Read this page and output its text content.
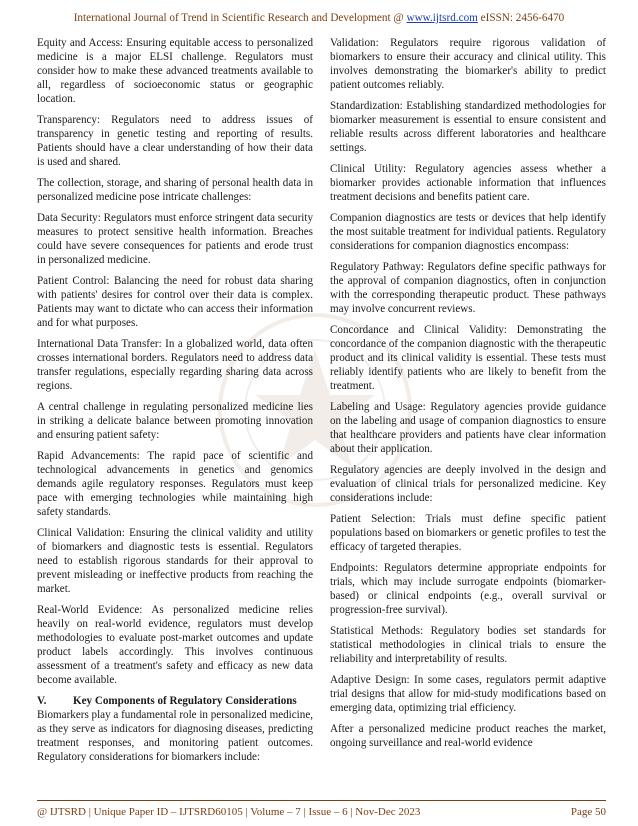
International Journal of Trend in Scientific Research and Development @ www.ijtsrd.com eISSN: 2456-6470

Equity and Access: Ensuring equitable access to personalized medicine is a major ELSI challenge. Regulators must consider how to make these advanced treatments available to all, regardless of socioeconomic status or geographic location.

Transparency: Regulators need to address issues of transparency in genetic testing and reporting of results. Patients should have a clear understanding of how their data is used and shared.

The collection, storage, and sharing of personal health data in personalized medicine pose intricate challenges:

Data Security: Regulators must enforce stringent data security measures to protect sensitive health information. Breaches could have severe consequences for patients and erode trust in personalized medicine.

Patient Control: Balancing the need for robust data sharing with patients' desires for control over their data is complex. Patients may want to dictate who can access their information and for what purposes.

International Data Transfer: In a globalized world, data often crosses international borders. Regulators need to address data transfer regulations, especially regarding sharing data across regions.

A central challenge in regulating personalized medicine lies in striking a delicate balance between promoting innovation and ensuring patient safety:

Rapid Advancements: The rapid pace of scientific and technological advancements in genetics and genomics demands agile regulatory responses. Regulators must keep pace with emerging technologies while maintaining high safety standards.

Clinical Validation: Ensuring the clinical validity and utility of biomarkers and diagnostic tests is essential. Regulators need to establish rigorous standards for their approval to prevent misleading or ineffective products from reaching the market.

Real-World Evidence: As personalized medicine relies heavily on real-world evidence, regulators must develop methodologies to evaluate post-market outcomes and update product labels accordingly. This involves continuous assessment of a treatment's safety and efficacy as new data become available.

V.	Key Components of Regulatory Considerations

Biomarkers play a fundamental role in personalized medicine, as they serve as indicators for diagnosing diseases, predicting treatment responses, and monitoring patient outcomes. Regulatory considerations for biomarkers include:

Validation: Regulators require rigorous validation of biomarkers to ensure their accuracy and clinical utility. This involves demonstrating the biomarker's ability to predict patient outcomes reliably.

Standardization: Establishing standardized methodologies for biomarker measurement is essential to ensure consistent and reliable results across different laboratories and healthcare settings.

Clinical Utility: Regulatory agencies assess whether a biomarker provides actionable information that influences treatment decisions and benefits patient care.

Companion diagnostics are tests or devices that help identify the most suitable treatment for individual patients. Regulatory considerations for companion diagnostics encompass:

Regulatory Pathway: Regulators define specific pathways for the approval of companion diagnostics, often in conjunction with the corresponding therapeutic product. These pathways may involve concurrent reviews.

Concordance and Clinical Validity: Demonstrating the concordance of the companion diagnostic with the therapeutic product and its clinical validity is essential. These tests must reliably identify patients who are likely to benefit from the treatment.

Labeling and Usage: Regulatory agencies provide guidance on the labeling and usage of companion diagnostics to ensure that healthcare providers and patients have clear information about their application.

Regulatory agencies are deeply involved in the design and evaluation of clinical trials for personalized medicine. Key considerations include:

Patient Selection: Trials must define specific patient populations based on biomarkers or genetic profiles to test the efficacy of targeted therapies.

Endpoints: Regulators determine appropriate endpoints for trials, which may include surrogate endpoints (biomarker-based) or clinical endpoints (e.g., overall survival or progression-free survival).

Statistical Methods: Regulatory bodies set standards for statistical methodologies in clinical trials to ensure the reliability and interpretability of results.

Adaptive Design: In some cases, regulators permit adaptive trial designs that allow for mid-study modifications based on emerging data, optimizing trial efficiency.

After a personalized medicine product reaches the market, ongoing surveillance and real-world evidence

@ IJTSRD | Unique Paper ID – IJTSRD60105 | Volume – 7 | Issue – 6 | Nov-Dec 2023	Page 50
